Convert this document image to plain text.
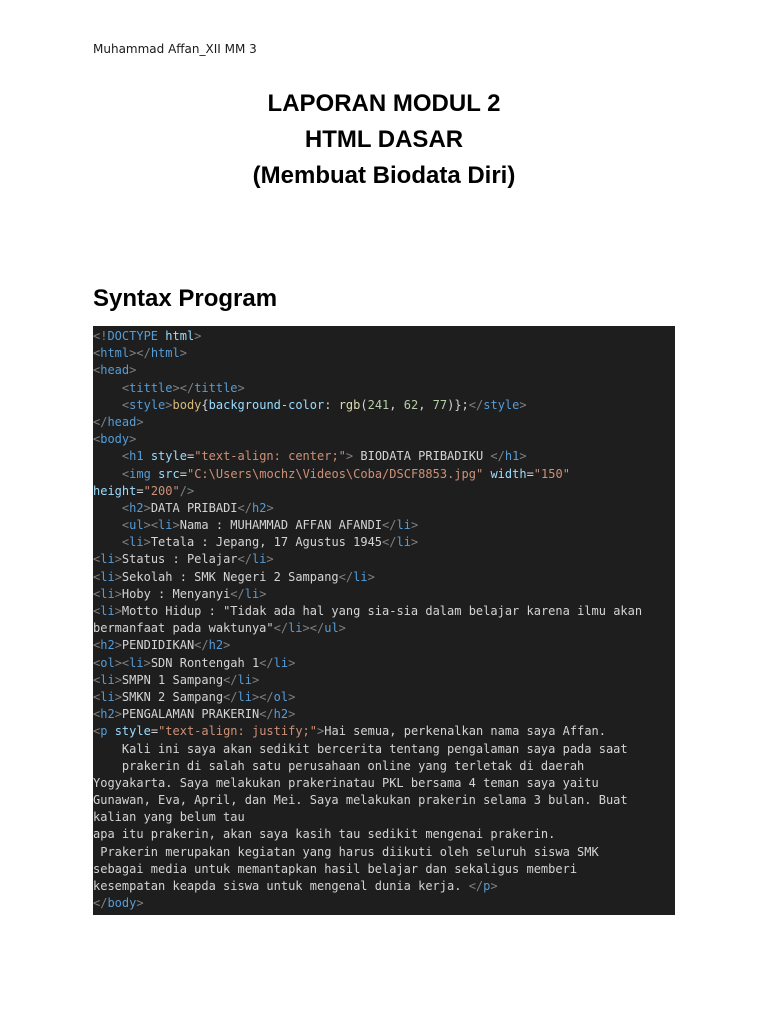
Muhammad Affan_XII MM 3

LAPORAN MODUL 2

HTML DASAR

(Membuat Biodata Diri)

Syntax Program
<!DOCTYPE html>
<html></html>
<head>
<tittle></tittle>
<style>body{background-color: rgb(241, 62, 77)};</style>
</head>
<body>
<h1 style="text-align: center;"> BIODATA PRIBADIKU </h1>
<img src="C:\Users\mochz\Videos\Coba/DSCF8853.jpg" width="150"
height="200"/>
<h2>DATA PRIBADI</h2>
<ul><li>Nama : MUHAMMAD AFFAN AFANDI</li>
<li>Tetala : Jepang, 17 Agustus 1945</li>
<li>Status : Pelajar</li>
<li>Sekolah : SMK Negeri 2 Sampang</li>
<li>Hoby : Menyanyi</li>
<li>Motto Hidup : "Tidak ada hal yang sia-sia dalam belajar karena ilmu akan
bermanfaat pada waktunya"</li></ul>
<h2>PENDIDIKAN</h2>
<ol><li>SDN Rontengah 1</li>
<li>SMPN 1 Sampang</li>
<li>SMKN 2 Sampang</li></ol>
<h2>PENGALAMAN PRAKERIN</h2>
<p style="text-align: justify;">Hai semua, perkenalkan nama saya Affan.
Kali ini saya akan sedikit bercerita tentang pengalaman saya pada saat
prakerin di salah satu perusahaan online yang terletak di daerah
Yogyakarta. Saya melakukan prakerinatau PKL bersama 4 teman saya yaitu
Gunawan, Eva, April, dan Mei. Saya melakukan prakerin selama 3 bulan. Buat
kalian yang belum tau
apa itu prakerin, akan saya kasih tau sedikit mengenai prakerin.
Prakerin merupakan kegiatan yang harus diikuti oleh seluruh siswa SMK
sebagai media untuk memantapkan hasil belajar dan sekaligus memberi
kesempatan keapda siswa untuk mengenal dunia kerja. </p>
</body>
